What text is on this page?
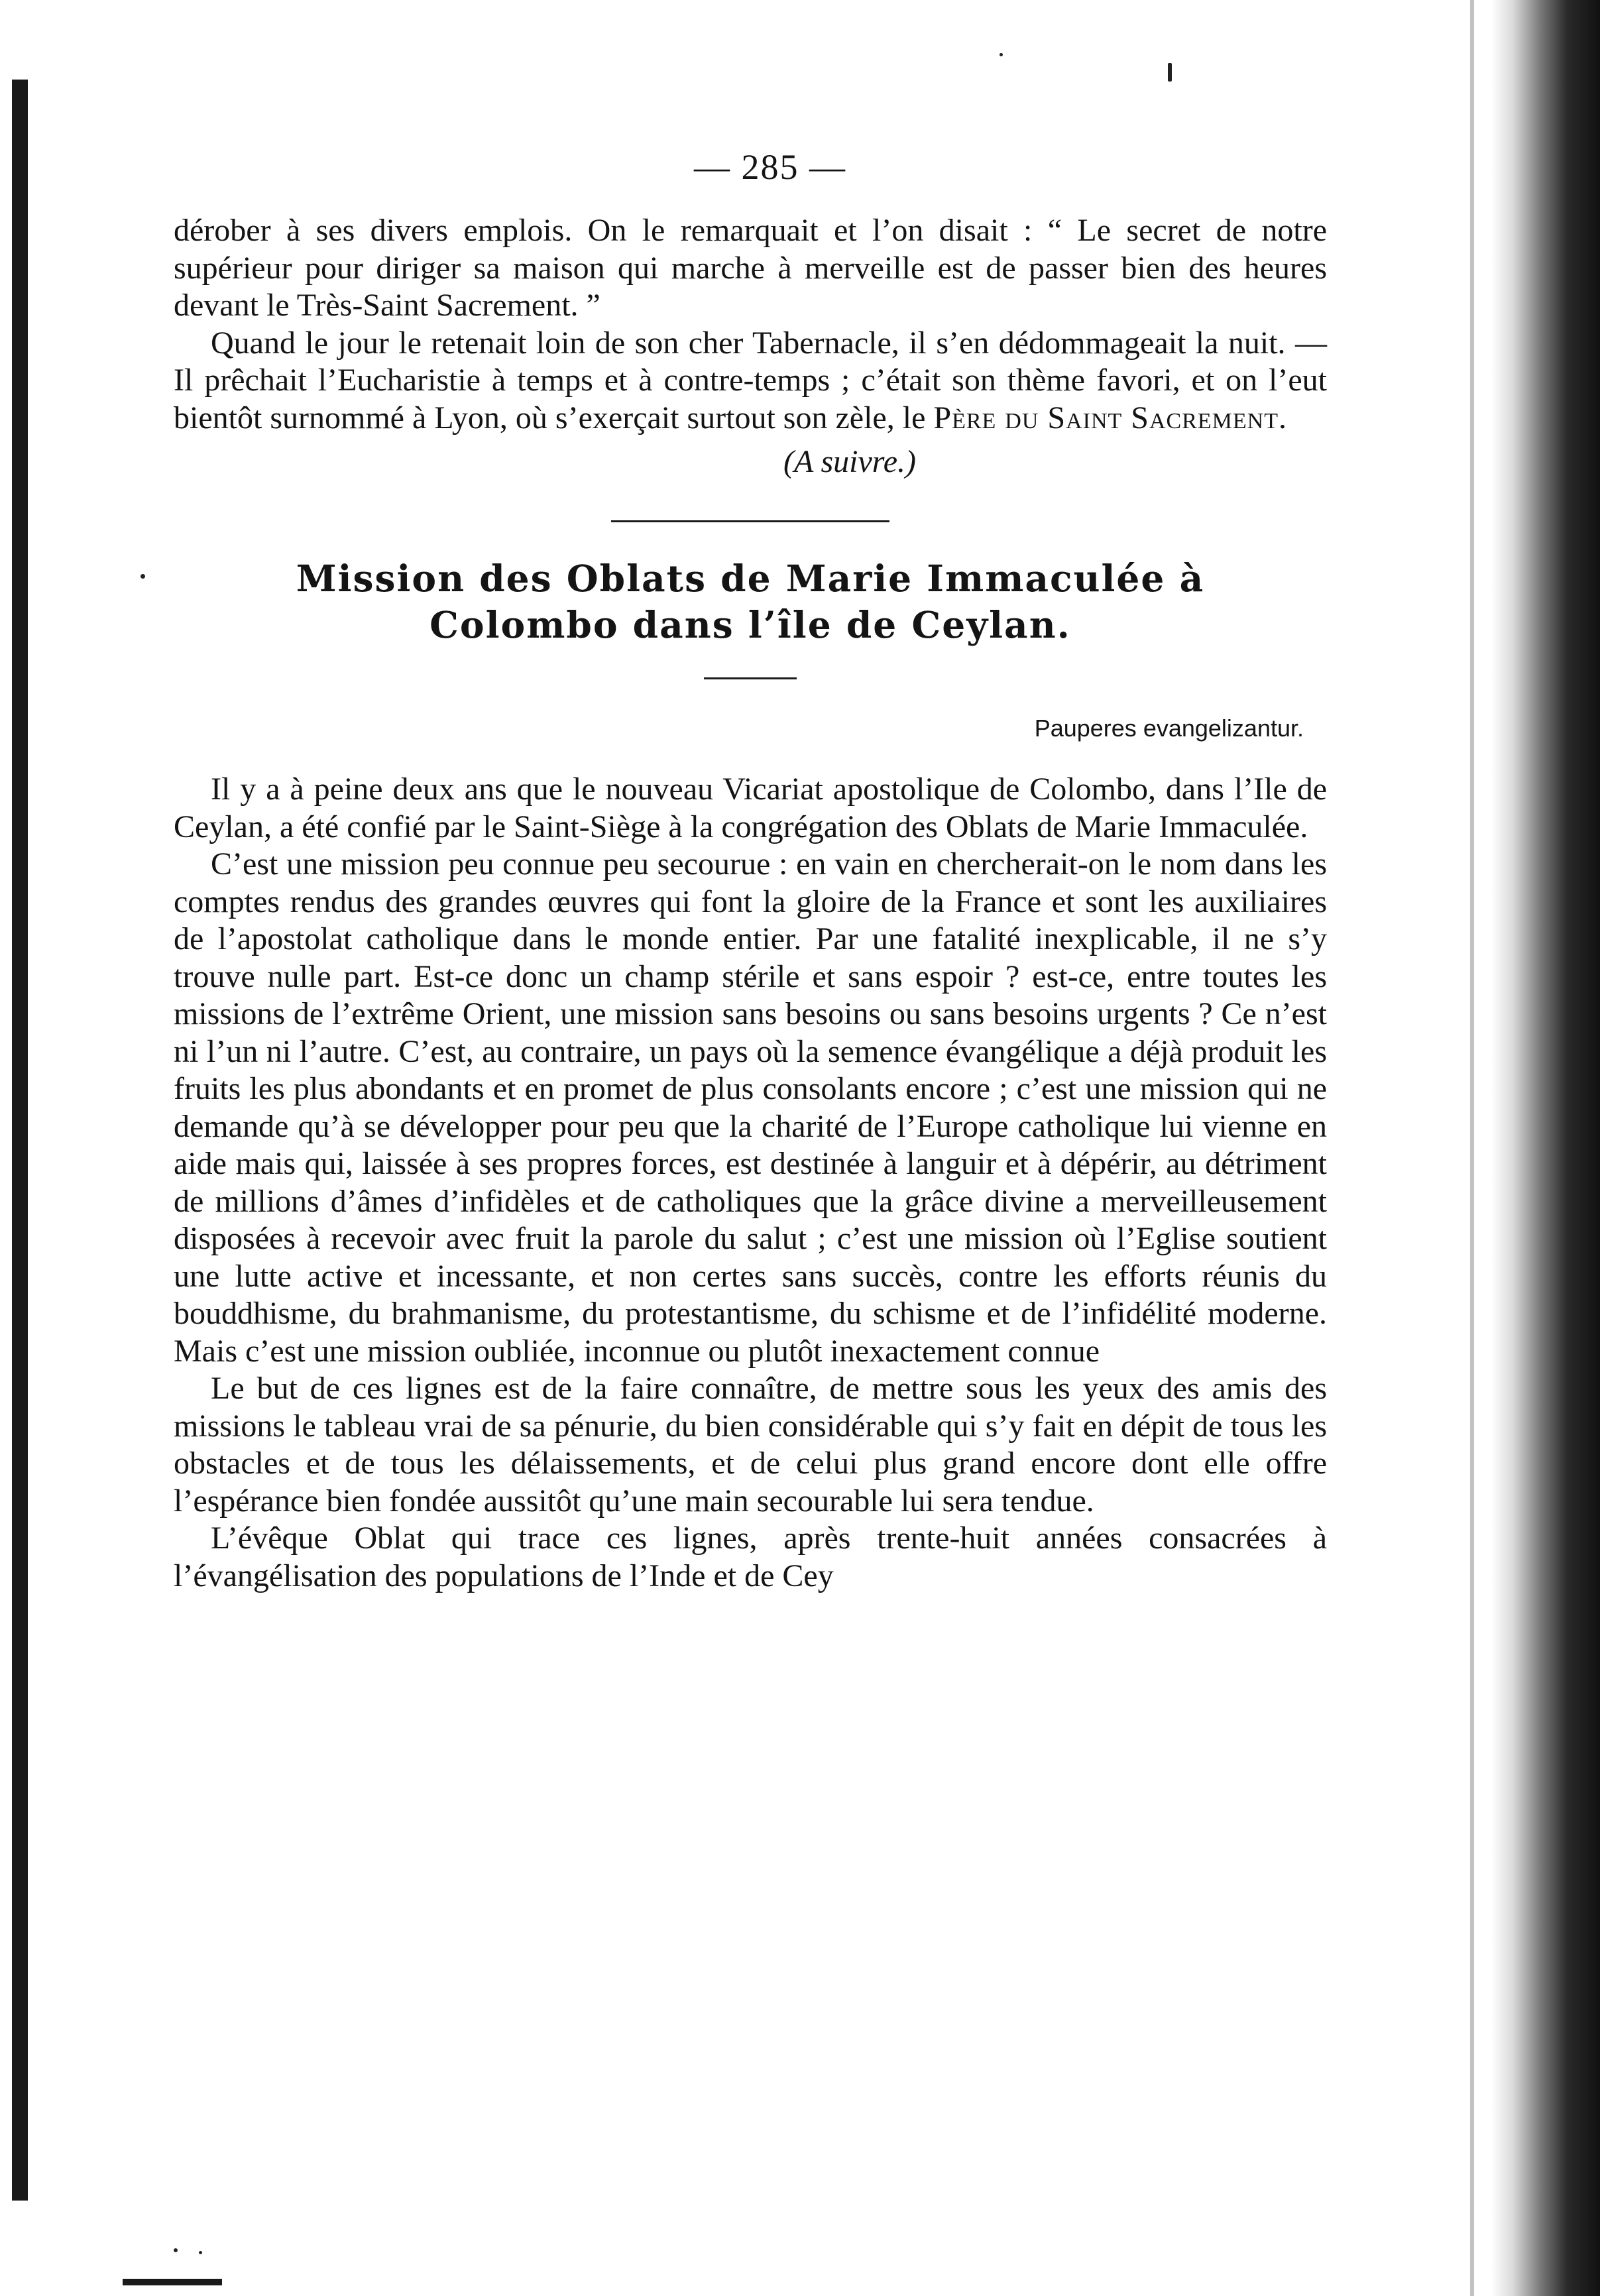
— 285 —

dérober à ses divers emplois. On le remarquait et l’on disait : “ Le secret de notre supérieur pour diriger sa maison qui marche à merveille est de passer bien des heures devant le Très-Saint Sacrement. ”

Quand le jour le retenait loin de son cher Tabernacle, il s’en dédommageait la nuit. — Il prêchait l’Eucharistie à temps et à contre-temps ; c’était son thème favori, et on l’eut bientôt surnommé à Lyon, où s’exerçait surtout son zèle, le Père du Saint Sacrement.

(A suivre.)
Mission des Oblats de Marie Immaculée à
Colombo dans l’île de Ceylan.
Pauperes evangelizantur.

Il y a à peine deux ans que le nouveau Vicariat apostolique de Colombo, dans l’Ile de Ceylan, a été confié par le Saint-Siège à la congrégation des Oblats de Marie Immaculée.

C’est une mission peu connue peu secourue : en vain en chercherait-on le nom dans les comptes rendus des grandes œuvres qui font la gloire de la France et sont les auxiliaires de l’apostolat catholique dans le monde entier. Par une fatalité inexplicable, il ne s’y trouve nulle part. Est-ce donc un champ stérile et sans espoir ? est-ce, entre toutes les missions de l’extrême Orient, une mission sans besoins ou sans besoins urgents ? Ce n’est ni l’un ni l’autre. C’est, au contraire, un pays où la semence évangélique a déjà produit les fruits les plus abondants et en promet de plus consolants encore ; c’est une mission qui ne demande qu’à se développer pour peu que la charité de l’Europe catholique lui vienne en aide mais qui, laissée à ses propres forces, est destinée à languir et à dépérir, au détriment de millions d’âmes d’infidèles et de catholiques que la grâce divine a merveilleusement disposées à recevoir avec fruit la parole du salut ; c’est une mission où l’Eglise soutient une lutte active et incessante, et non certes sans succès, contre les efforts réunis du bouddhisme, du brahmanisme, du protestantisme, du schisme et de l’infidélité moderne. Mais c’est une mission oubliée, inconnue ou plutôt inexactement connue

Le but de ces lignes est de la faire connaître, de mettre sous les yeux des amis des missions le tableau vrai de sa pénurie, du bien considérable qui s’y fait en dépit de tous les obstacles et de tous les délaissements, et de celui plus grand encore dont elle offre l’espérance bien fondée aussitôt qu’une main secourable lui sera tendue.

L’évêque Oblat qui trace ces lignes, après trente-huit années consacrées à l’évangélisation des populations de l’Inde et de Cey
